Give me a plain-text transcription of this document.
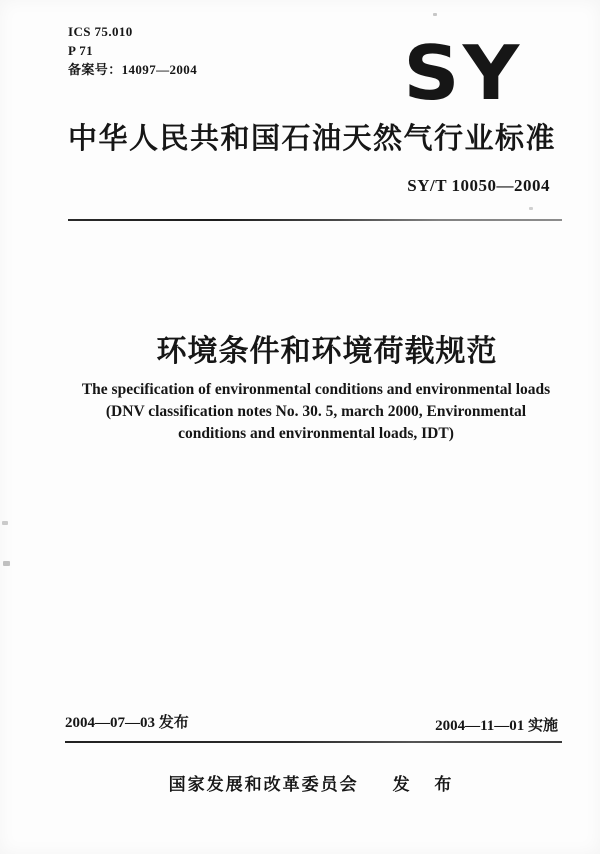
ICS 75.010
P 71
备案号：14097—2004	SY
中华人民共和国石油天然气行业标准
SY/T 10050—2004
环境条件和环境荷载规范
The specification of environmental conditions and environmental loads
(DNV classification notes No. 30. 5, march 2000, Environmental
conditions and environmental loads, IDT)
2004—07—03 发布	2004—11—01 实施
国家发展和改革委员会 发 布
